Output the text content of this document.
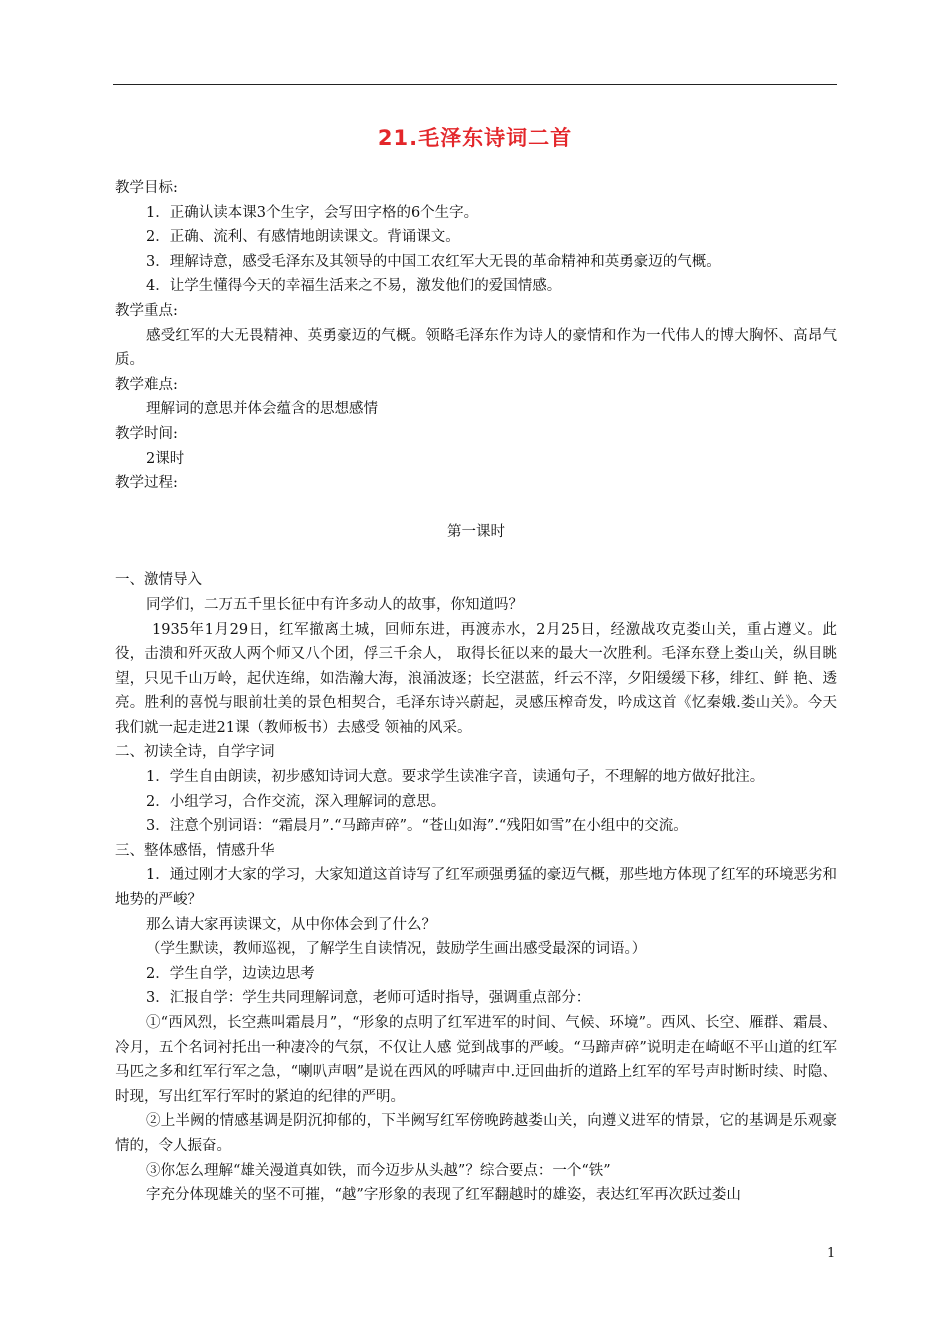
21.毛泽东诗词二首

教学目标:

1．正确认读本课3个生字，会写田字格的6个生字。

2．正确、流利、有感情地朗读课文。背诵课文。

3．理解诗意，感受毛泽东及其领导的中国工农红军大无畏的革命精神和英勇豪迈的气概。

4．让学生懂得今天的幸福生活来之不易，激发他们的爱国情感。

教学重点:

感受红军的大无畏精神、英勇豪迈的气概。领略毛泽东作为诗人的豪情和作为一代伟人的博大胸怀、高昂气质。

教学难点:

理解词的意思并体会蕴含的思想感情

教学时间:

2课时

教学过程:

第一课时

一、激情导入

同学们，二万五千里长征中有许多动人的故事，你知道吗？

1935年1月29日，红军撤离土城，回师东进，再渡赤水，2月25日，经激战攻克娄山关，重占遵义。此役，击溃和歼灭敌人两个师又八个团，俘三千余人， 取得长征以来的最大一次胜利。毛泽东登上娄山关，纵目眺望，只见千山万岭，起伏连绵，如浩瀚大海，浪涌波逐；长空湛蓝，纤云不滓，夕阳缓缓下移，绯红、鲜 艳、透亮。胜利的喜悦与眼前壮美的景色相契合，毛泽东诗兴蔚起，灵感压榨奇发，吟成这首《忆秦娥.娄山关》。今天我们就一起走进21课（教师板书）去感受 领袖的风采。

二、初读全诗，自学字词

1．学生自由朗读，初步感知诗词大意。要求学生读准字音，读通句子，不理解的地方做好批注。

2．小组学习，合作交流，深入理解词的意思。

3．注意个别词语：“霜晨月”.“马蹄声碎”。“苍山如海”.“残阳如雪”在小组中的交流。

三、整体感悟，情感升华

1．通过刚才大家的学习，大家知道这首诗写了红军顽强勇猛的豪迈气概，那些地方体现了红军的环境恶劣和地势的严峻？

那么请大家再读课文，从中你体会到了什么？

（学生默读，教师巡视，了解学生自读情况，鼓励学生画出感受最深的词语。）

2．学生自学，边读边思考

3．汇报自学：学生共同理解词意，老师可适时指导，强调重点部分：

①“西风烈，长空燕叫霜晨月”，“形象的点明了红军进军的时间、气候、环境”。西风、长空、雁群、霜晨、冷月，五个名词衬托出一种凄冷的气氛，不仅让人感 觉到战事的严峻。“马蹄声碎”说明走在崎岖不平山道的红军马匹之多和红军行军之急，“喇叭声咽”是说在西风的呼啸声中.迂回曲折的道路上红军的军号声时断时续、时隐、时现，写出红军行军时的紧迫的纪律的严明。

②上半阙的情感基调是阴沉抑郁的，下半阙写红军傍晚跨越娄山关，向遵义进军的情景，它的基调是乐观豪情的，令人振奋。

③你怎么理解“雄关漫道真如铁，而今迈步从头越”？综合要点：一个“铁”

字充分体现雄关的坚不可摧，“越”字形象的表现了红军翻越时的雄姿，表达红军再次跃过娄山

1
